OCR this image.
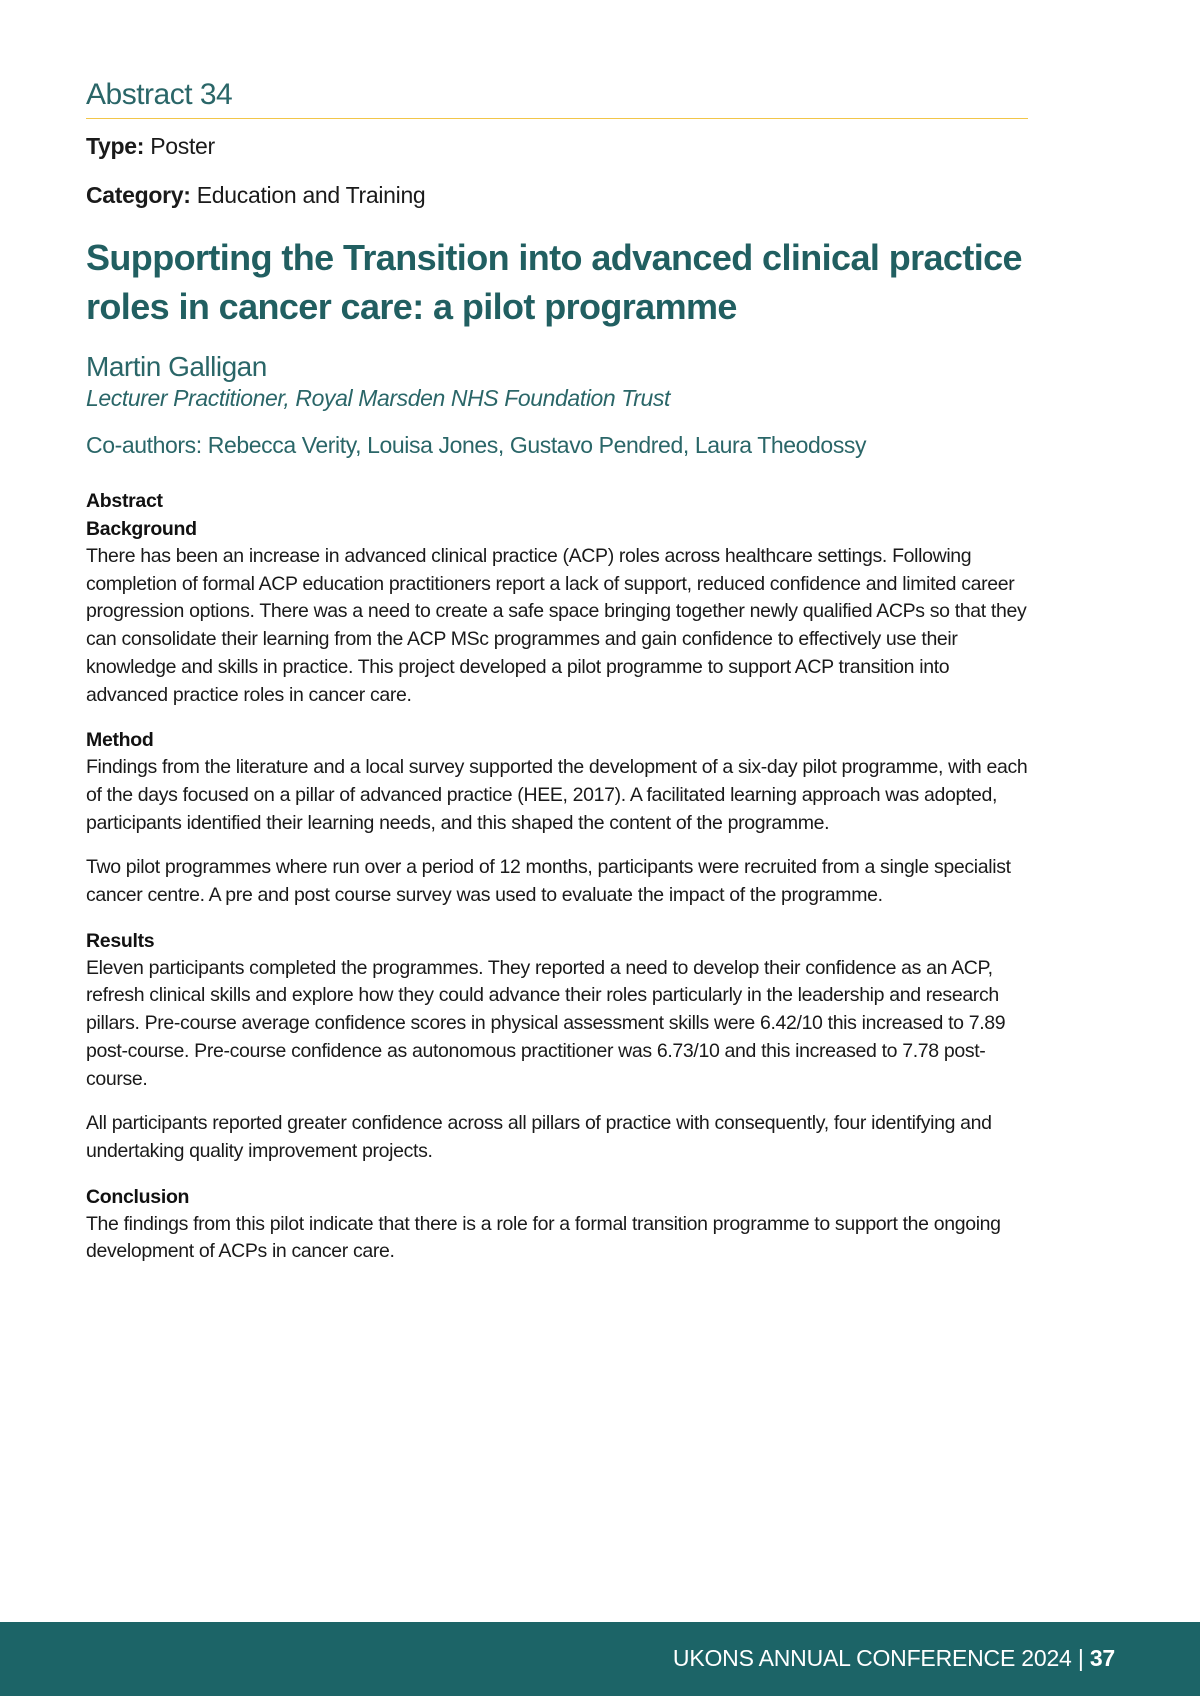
Abstract 34
Type: Poster
Category: Education and Training
Supporting the Transition into advanced clinical practice roles in cancer care: a pilot programme
Martin Galligan
Lecturer Practitioner, Royal Marsden NHS Foundation Trust
Co-authors: Rebecca Verity, Louisa Jones, Gustavo Pendred, Laura Theodossy
Abstract
Background

There has been an increase in advanced clinical practice (ACP) roles across healthcare settings. Following completion of formal ACP education practitioners report a lack of support, reduced confidence and limited career progression options. There was a need to create a safe space bringing together newly qualified ACPs so that they can consolidate their learning from the ACP MSc programmes and gain confidence to effectively use their knowledge and skills in practice. This project developed a pilot programme to support ACP transition into advanced practice roles in cancer care.

Method

Findings from the literature and a local survey supported the development of a six-day pilot programme, with each of the days focused on a pillar of advanced practice (HEE, 2017). A facilitated learning approach was adopted, participants identified their learning needs, and this shaped the content of the programme.

Two pilot programmes where run over a period of 12 months, participants were recruited from a single specialist cancer centre. A pre and post course survey was used to evaluate the impact of the programme.

Results

Eleven participants completed the programmes. They reported a need to develop their confidence as an ACP, refresh clinical skills and explore how they could advance their roles particularly in the leadership and research pillars. Pre-course average confidence scores in physical assessment skills were 6.42/10 this increased to 7.89 post-course. Pre-course confidence as autonomous practitioner was 6.73/10 and this increased to 7.78 post-course.

All participants reported greater confidence across all pillars of practice with consequently, four identifying and undertaking quality improvement projects.

Conclusion

The findings from this pilot indicate that there is a role for a formal transition programme to support the ongoing development of ACPs in cancer care.

UKONS ANNUAL CONFERENCE 2024 | 37
